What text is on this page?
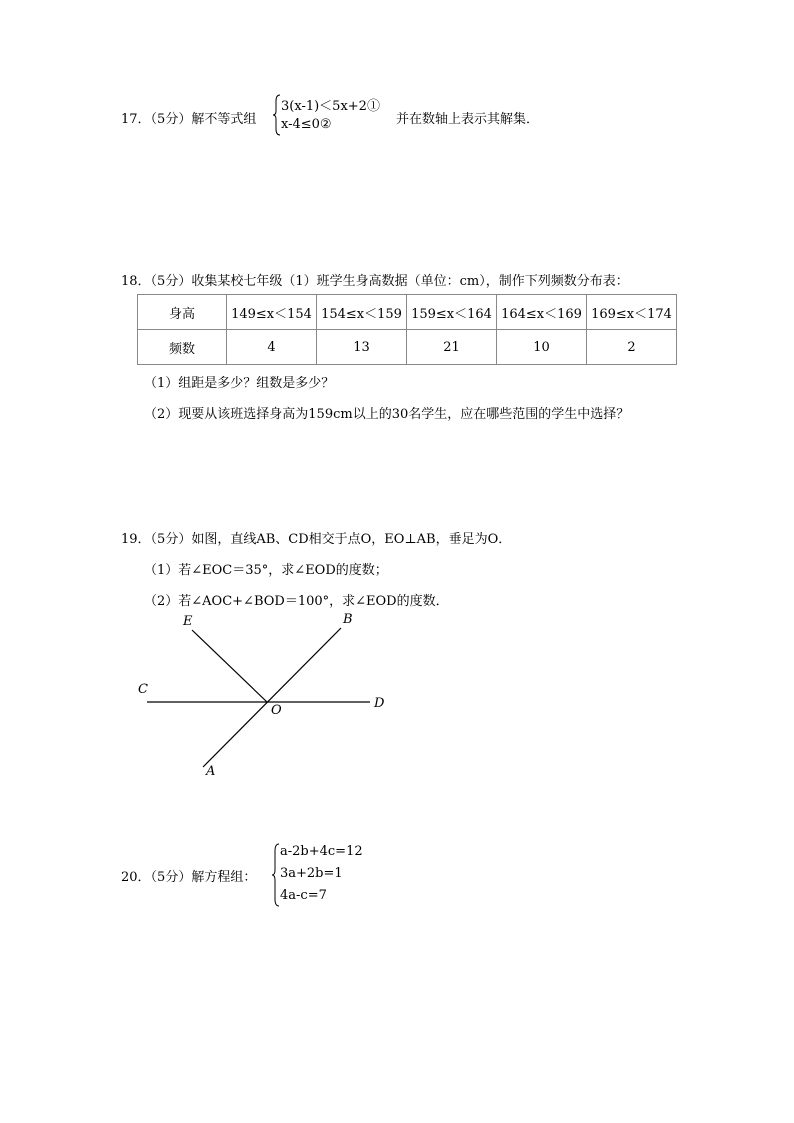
17．（5分）解不等式组
3(x-1)＜5x+2①
x-4≤0②	并在数轴上表示其解集．
18．（5分）收集某校七年级（1）班学生身高数据（单位：cm），制作下列频数分布表：
身高	149≤x＜154	154≤x＜159	159≤x＜164	164≤x＜169	169≤x＜174
频数	4	13	21	10	2
（1）组距是多少？组数是多少？
（2）现要从该班选择身高为159cm以上的30名学生，应在哪些范围的学生中选择？
19．（5分）如图，直线AB、CD相交于点O，EO⊥AB，垂足为O．
（1）若∠EOC＝35°，求∠EOD的度数；
（2）若∠AOC+∠BOD＝100°，求∠EOD的度数．
E	B
C
O	D
A
20．（5分）解方程组：
a-2b+4c=12
3a+2b=1
4a-c=7
